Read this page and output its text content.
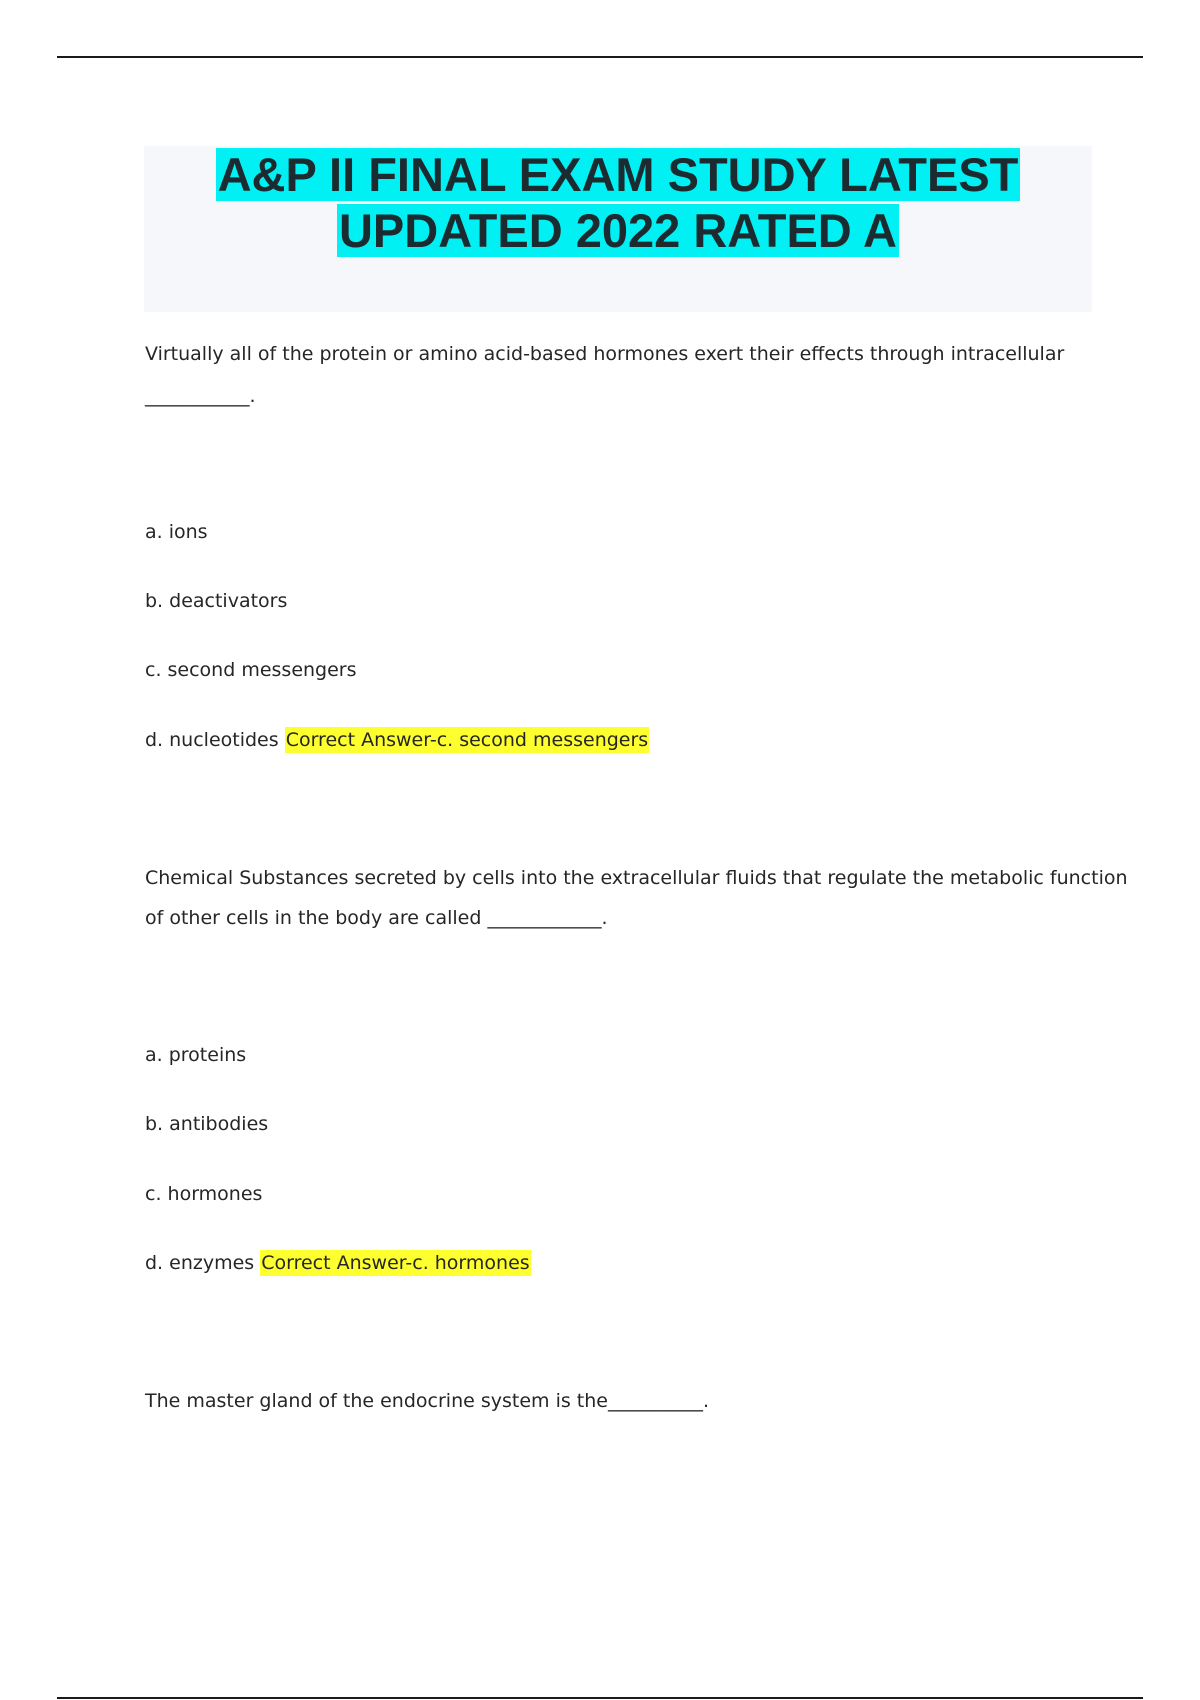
A&P II FINAL EXAM STUDY LATEST
UPDATED 2022 RATED A
Virtually all of the protein or amino acid-based hormones exert their effects through intracellular
___________.
a. ions
b. deactivators
c. second messengers
d. nucleotides Correct Answer-c. second messengers
Chemical Substances secreted by cells into the extracellular fluids that regulate the metabolic function
of other cells in the body are called ____________.
a. proteins
b. antibodies
c. hormones
d. enzymes Correct Answer-c. hormones
The master gland of the endocrine system is the__________.
